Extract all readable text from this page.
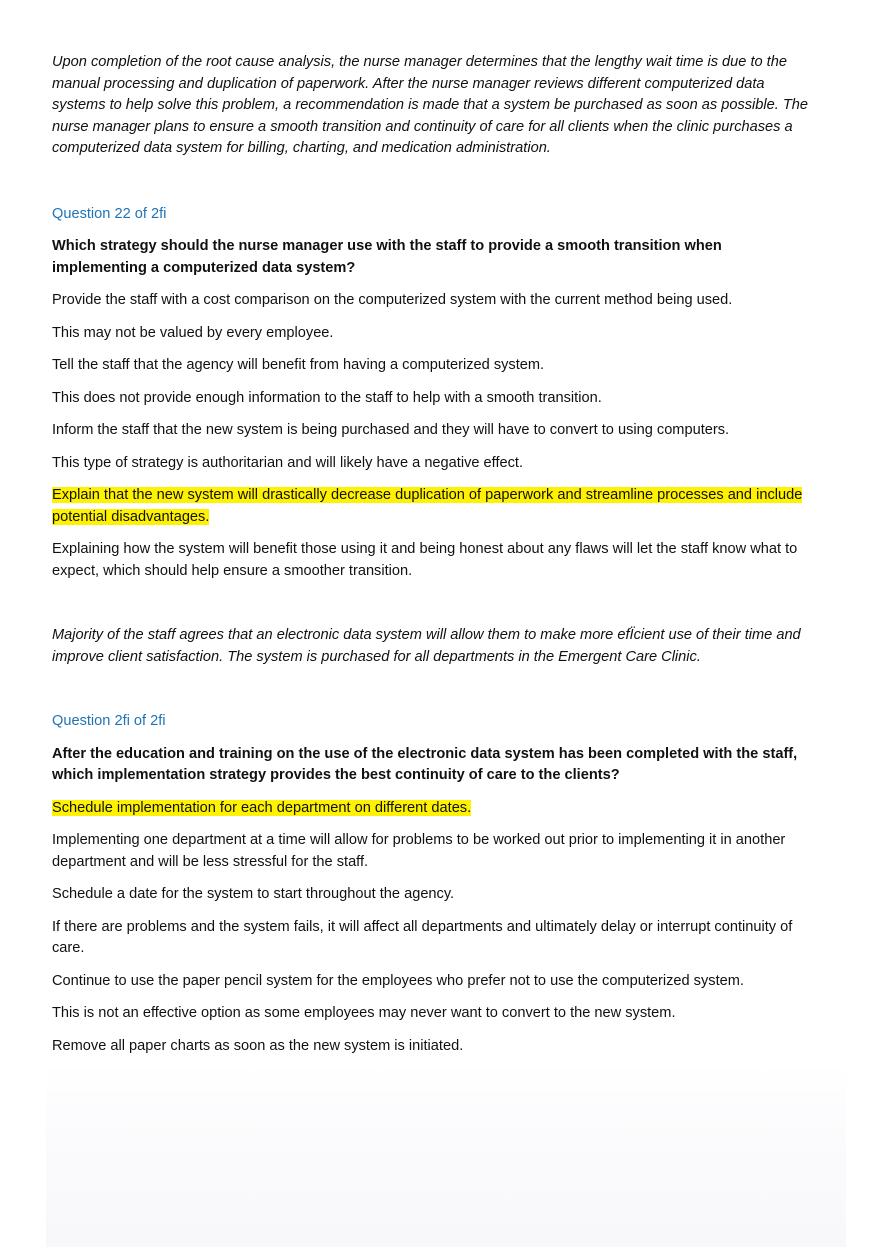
Upon completion of the root cause analysis, the nurse manager determines that the lengthy wait time is due to the manual processing and duplication of paperwork. After the nurse manager reviews different computerized data systems to help solve this problem, a recommendation is made that a system be purchased as soon as possible. The nurse manager plans to ensure a smooth transition and continuity of care for all clients when the clinic purchases a computerized data system for billing, charting, and medication administration.

Question 22 of 2ﬁ

Which strategy should the nurse manager use with the staff to provide a smooth transition when implementing a computerized data system?

Provide the staff with a cost comparison on the computerized system with the current method being used.

This may not be valued by every employee.

Tell the staff that the agency will benefit from having a computerized system.

This does not provide enough information to the staff to help with a smooth transition.

Inform the staff that the new system is being purchased and they will have to convert to using computers.

This type of strategy is authoritarian and will likely have a negative effect.

Explain that the new system will drastically decrease duplication of paperwork and streamline processes and include potential disadvantages.

Explaining how the system will benefit those using it and being honest about any flaws will let the staff know what to expect, which should help ensure a smoother transition.

Majority of the staff agrees that an electronic data system will allow them to make more efÏcient use of their time and improve client satisfaction. The system is purchased for all departments in the Emergent Care Clinic.

Question 2ﬁ of 2ﬁ

After the education and training on the use of the electronic data system has been completed with the staff, which implementation strategy provides the best continuity of care to the clients?

Schedule implementation for each department on different dates.

Implementing one department at a time will allow for problems to be worked out prior to implementing it in another department and will be less stressful for the staff.

Schedule a date for the system to start throughout the agency.

If there are problems and the system fails, it will affect all departments and ultimately delay or interrupt continuity of care.

Continue to use the paper pencil system for the employees who prefer not to use the computerized system.

This is not an effective option as some employees may never want to convert to the new system.

Remove all paper charts as soon as the new system is initiated.
